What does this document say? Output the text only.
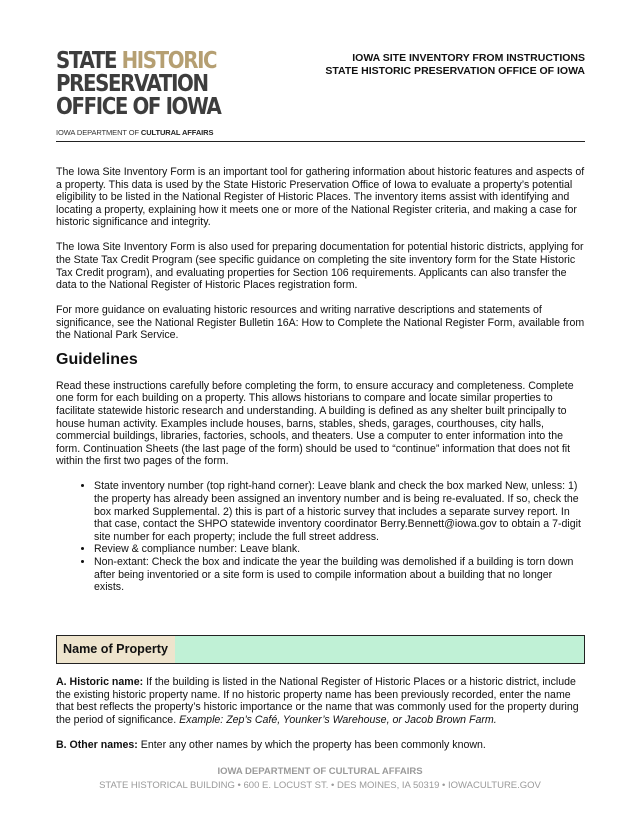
STATE HISTORIC
PRESERVATION
OFFICE OF IOWA
IOWA DEPARTMENT OF CULTURAL AFFAIRS
IOWA SITE INVENTORY FROM INSTRUCTIONS
STATE HISTORIC PRESERVATION OFFICE OF IOWA

The Iowa Site Inventory Form is an important tool for gathering information about historic features and aspects of a property. This data is used by the State Historic Preservation Office of Iowa to evaluate a property’s potential eligibility to be listed in the National Register of Historic Places. The inventory items assist with identifying and locating a property, explaining how it meets one or more of the National Register criteria, and making a case for historic significance and integrity.

The Iowa Site Inventory Form is also used for preparing documentation for potential historic districts, applying for the State Tax Credit Program (see specific guidance on completing the site inventory form for the State Historic Tax Credit program), and evaluating properties for Section 106 requirements. Applicants can also transfer the data to the National Register of Historic Places registration form.

For more guidance on evaluating historic resources and writing narrative descriptions and statements of significance, see the National Register Bulletin 16A: How to Complete the National Register Form, available from the National Park Service.

Guidelines

Read these instructions carefully before completing the form, to ensure accuracy and completeness. Complete one form for each building on a property. This allows historians to compare and locate similar properties to facilitate statewide historic research and understanding. A building is defined as any shelter built principally to house human activity. Examples include houses, barns, stables, sheds, garages, courthouses, city halls, commercial buildings, libraries, factories, schools, and theaters. Use a computer to enter information into the form. Continuation Sheets (the last page of the form) should be used to “continue” information that does not fit within the first two pages of the form.

• State inventory number (top right-hand corner): Leave blank and check the box marked New, unless: 1) the property has already been assigned an inventory number and is being re-evaluated. If so, check the box marked Supplemental. 2) this is part of a historic survey that includes a separate survey report. In that case, contact the SHPO statewide inventory coordinator Berry.Bennett@iowa.gov to obtain a 7-digit site number for each property; include the full street address.
• Review & compliance number: Leave blank.
• Non-extant: Check the box and indicate the year the building was demolished if a building is torn down after being inventoried or a site form is used to compile information about a building that no longer exists.
Name of Property

A. Historic name: If the building is listed in the National Register of Historic Places or a historic district, include the existing historic property name. If no historic property name has been previously recorded, enter the name that best reflects the property’s historic importance or the name that was commonly used for the property during the period of significance. Example: Zep’s Café, Younker’s Warehouse, or Jacob Brown Farm.

B. Other names: Enter any other names by which the property has been commonly known.

IOWA DEPARTMENT OF CULTURAL AFFAIRS
STATE HISTORICAL BUILDING • 600 E. LOCUST ST. • DES MOINES, IA 50319 • IOWACULTURE.GOV
